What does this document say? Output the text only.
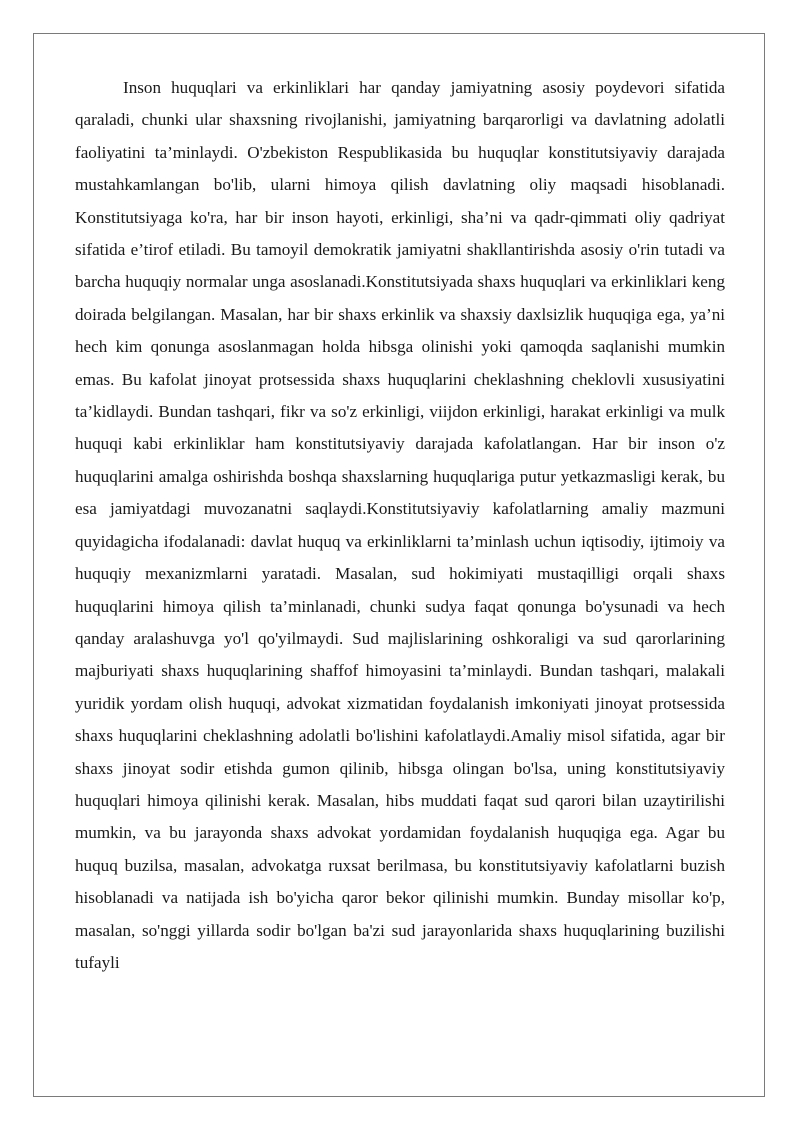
Inson huquqlari va erkinliklari har qanday jamiyatning asosiy poydevori sifatida qaraladi, chunki ular shaxsning rivojlanishi, jamiyatning barqarorligi va davlatning adolatli faoliyatini ta’minlaydi. O'zbekiston Respublikasida bu huquqlar konstitutsiyaviy darajada mustahkamlangan bo'lib, ularni himoya qilish davlatning oliy maqsadi hisoblanadi. Konstitutsiyaga ko'ra, har bir inson hayoti, erkinligi, sha’ni va qadr-qimmati oliy qadriyat sifatida e’tirof etiladi. Bu tamoyil demokratik jamiyatni shakllantirishda asosiy o'rin tutadi va barcha huquqiy normalar unga asoslanadi.Konstitutsiyada shaxs huquqlari va erkinliklari keng doirada belgilangan. Masalan, har bir shaxs erkinlik va shaxsiy daxlsizlik huquqiga ega, ya’ni hech kim qonunga asoslanmagan holda hibsga olinishi yoki qamoqda saqlanishi mumkin emas. Bu kafolat jinoyat protsessida shaxs huquqlarini cheklashning cheklovli xususiyatini ta’kidlaydi. Bundan tashqari, fikr va so'z erkinligi, viijdon erkinligi, harakat erkinligi va mulk huquqi kabi erkinliklar ham konstitutsiyaviy darajada kafolatlangan. Har bir inson o'z huquqlarini amalga oshirishda boshqa shaxslarning huquqlariga putur yetkazmasligi kerak, bu esa jamiyatdagi muvozanatni saqlaydi.Konstitutsiyaviy kafolatlarning amaliy mazmuni quyidagicha ifodalanadi: davlat huquq va erkinliklarni ta’minlash uchun iqtisodiy, ijtimoiy va huquqiy mexanizmlarni yaratadi. Masalan, sud hokimiyati mustaqilligi orqali shaxs huquqlarini himoya qilish ta’minlanadi, chunki sudya faqat qonunga bo'ysunadi va hech qanday aralashuvga yo'l qo'yilmaydi. Sud majlislarining oshkoraligi va sud qarorlarining majburiyati shaxs huquqlarining shaffof himoyasini ta’minlaydi. Bundan tashqari, malakali yuridik yordam olish huquqi, advokat xizmatidan foydalanish imkoniyati jinoyat protsessida shaxs huquqlarini cheklashning adolatli bo'lishini kafolatlaydi.Amaliy misol sifatida, agar bir shaxs jinoyat sodir etishda gumon qilinib, hibsga olingan bo'lsa, uning konstitutsiyaviy huquqlari himoya qilinishi kerak. Masalan, hibs muddati faqat sud qarori bilan uzaytirilishi mumkin, va bu jarayonda shaxs advokat yordamidan foydalanish huquqiga ega. Agar bu huquq buzilsa, masalan, advokatga ruxsat berilmasa, bu konstitutsiyaviy kafolatlarni buzish hisoblanadi va natijada ish bo'yicha qaror bekor qilinishi mumkin. Bunday misollar ko'p, masalan, so'nggi yillarda sodir bo'lgan ba'zi sud jarayonlarida shaxs huquqlarining buzilishi tufayli
